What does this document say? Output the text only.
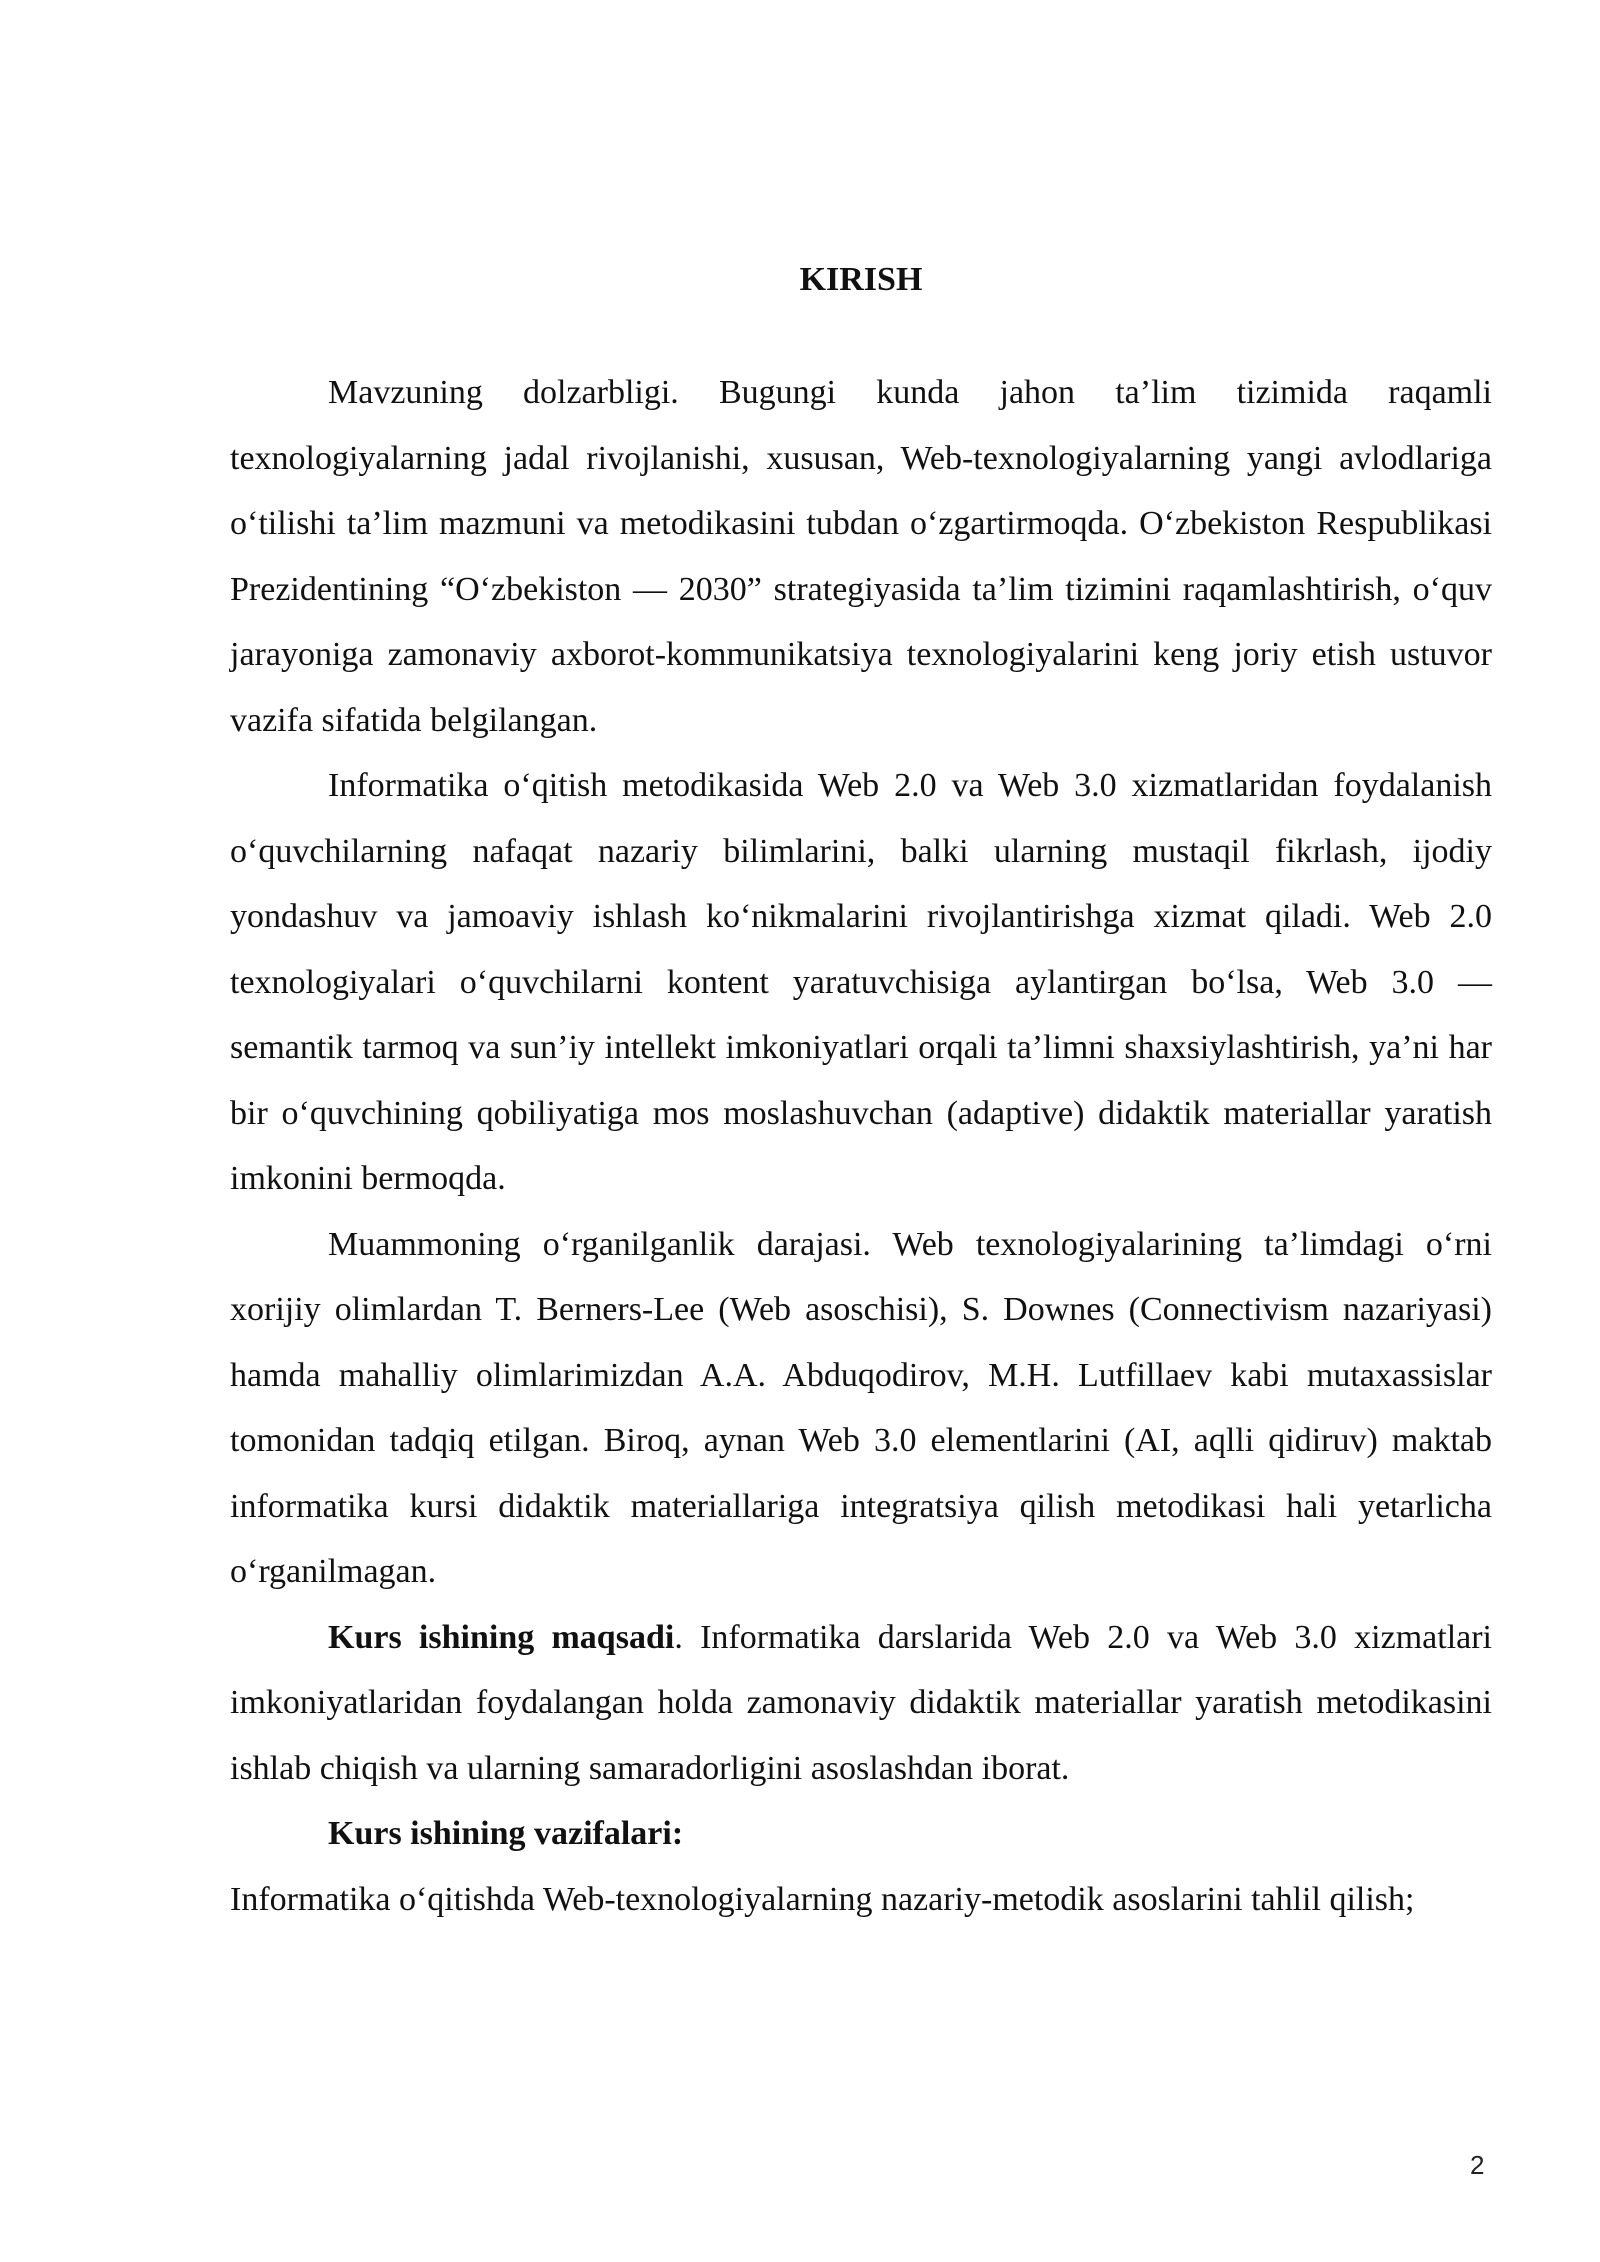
KIRISH

Mavzuning dolzarbligi. Bugungi kunda jahon ta’lim tizimida raqamli texnologiyalarning jadal rivojlanishi, xususan, Web-texnologiyalarning yangi avlodlariga o‘tilishi ta’lim mazmuni va metodikasini tubdan o‘zgartirmoqda. O‘zbekiston Respublikasi Prezidentining “O‘zbekiston — 2030” strategiyasida ta’lim tizimini raqamlashtirish, o‘quv jarayoniga zamonaviy axborot-kommunikatsiya texnologiyalarini keng joriy etish ustuvor vazifa sifatida belgilangan.

Informatika o‘qitish metodikasida Web 2.0 va Web 3.0 xizmatlaridan foydalanish o‘quvchilarning nafaqat nazariy bilimlarini, balki ularning mustaqil fikrlash, ijodiy yondashuv va jamoaviy ishlash ko‘nikmalarini rivojlantirishga xizmat qiladi. Web 2.0 texnologiyalari o‘quvchilarni kontent yaratuvchisiga aylantirgan bo‘lsa, Web 3.0 — semantik tarmoq va sun’iy intellekt imkoniyatlari orqali ta’limni shaxsiylashtirish, ya’ni har bir o‘quvchining qobiliyatiga mos moslashuvchan (adaptive) didaktik materiallar yaratish imkonini bermoqda.

Muammoning o‘rganilganlik darajasi. Web texnologiyalarining ta’limdagi o‘rni xorijiy olimlardan T. Berners-Lee (Web asoschisi), S. Downes (Connectivism nazariyasi) hamda mahalliy olimlarimizdan A.A. Abduqodirov, M.H. Lutfillaev kabi mutaxassislar tomonidan tadqiq etilgan. Biroq, aynan Web 3.0 elementlarini (AI, aqlli qidiruv) maktab informatika kursi didaktik materiallariga integratsiya qilish metodikasi hali yetarlicha o‘rganilmagan.

Kurs ishining maqsadi. Informatika darslarida Web 2.0 va Web 3.0 xizmatlari imkoniyatlaridan foydalangan holda zamonaviy didaktik materiallar yaratish metodikasini ishlab chiqish va ularning samaradorligini asoslashdan iborat.

Kurs ishining vazifalari:

Informatika o‘qitishda Web-texnologiyalarning nazariy-metodik asoslarini tahlil qilish;

2
